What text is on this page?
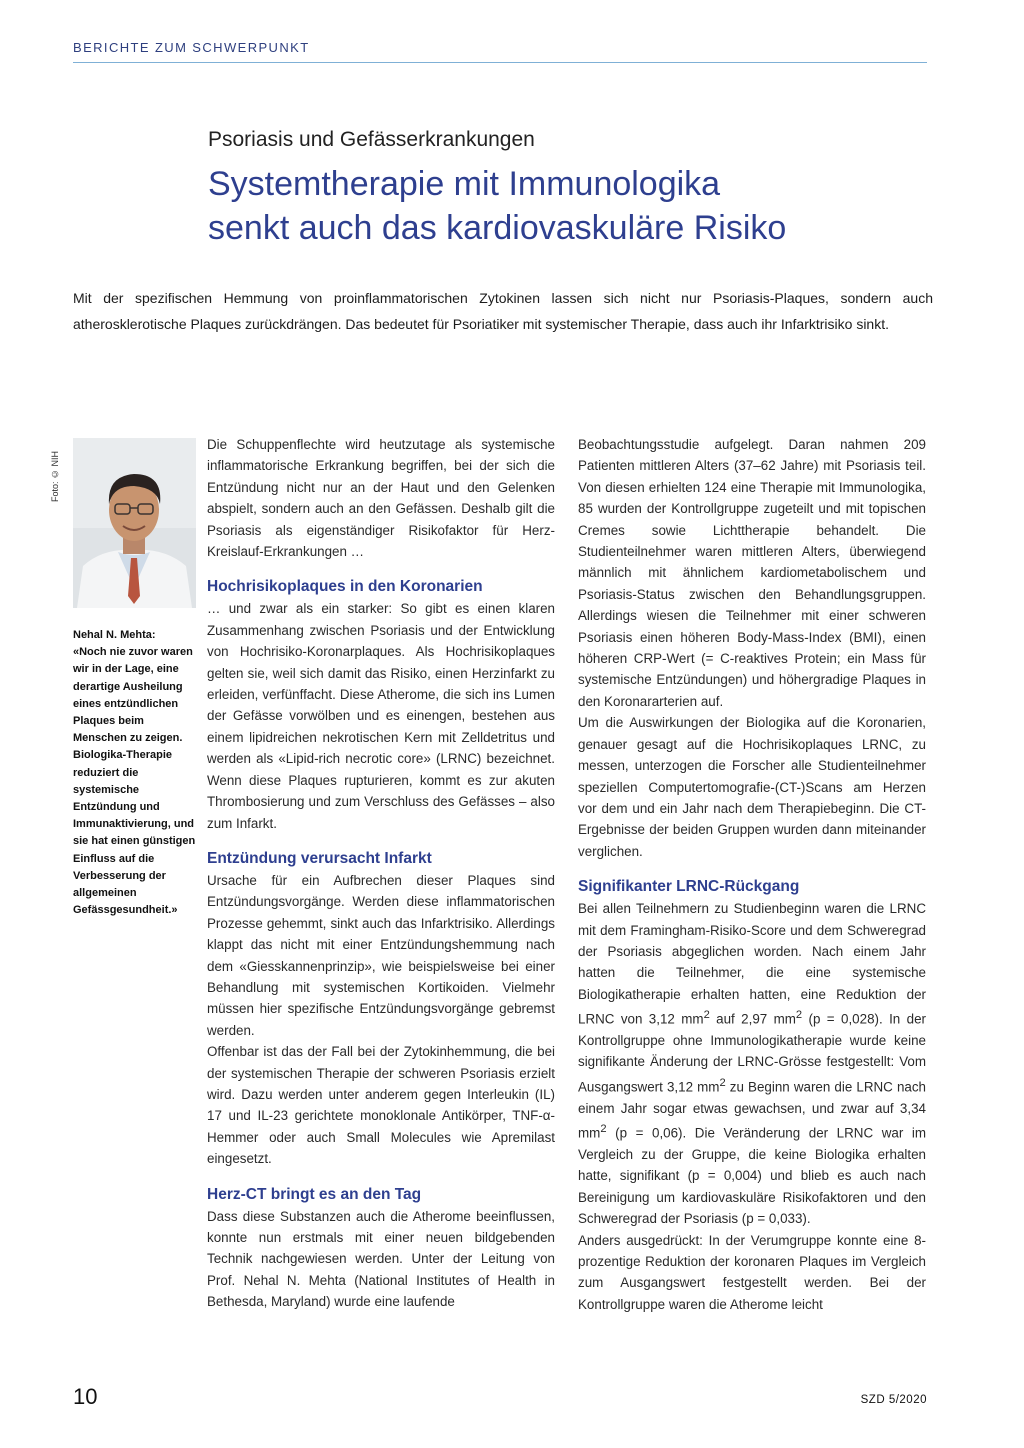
BERICHTE ZUM SCHWERPUNKT
Psoriasis und Gefässerkrankungen
Systemtherapie mit Immunologika
senkt auch das kardiovaskuläre Risiko
Mit der spezifischen Hemmung von proinflammatorischen Zytokinen lassen sich nicht nur Psoriasis-Plaques, sondern auch atherosklerotische Plaques zurückdrängen. Das bedeutet für Psoriatiker mit systemischer Therapie, dass auch ihr Infarktrisiko sinkt.
Foto: © NIH
Nehal N. Mehta:
«Noch nie zuvor waren wir in der Lage, eine derartige Ausheilung eines entzündlichen Plaques beim Menschen zu zeigen. Biologika-Therapie reduziert die systemische Entzündung und Immunaktivierung, und sie hat einen günstigen Einfluss auf die Verbesserung der allgemeinen Gefässgesundheit.»

Die Schuppenflechte wird heutzutage als systemische inflammatorische Erkrankung begriffen, bei der sich die Entzündung nicht nur an der Haut und den Gelenken abspielt, sondern auch an den Gefässen. Deshalb gilt die Psoriasis als eigenständiger Risikofaktor für Herz-Kreislauf-Erkrankungen …

Hochrisikoplaques in den Koronarien

… und zwar als ein starker: So gibt es einen klaren Zusammenhang zwischen Psoriasis und der Entwicklung von Hochrisiko-Koronarplaques. Als Hochrisikoplaques gelten sie, weil sich damit das Risiko, einen Herzinfarkt zu erleiden, verfünffacht. Diese Atherome, die sich ins Lumen der Gefässe vorwölben und es einengen, bestehen aus einem lipidreichen nekrotischen Kern mit Zelldetritus und werden als «Lipid-rich necrotic core» (LRNC) bezeichnet. Wenn diese Plaques rupturieren, kommt es zur akuten Thrombosierung und zum Verschluss des Gefässes – also zum Infarkt.

Entzündung verursacht Infarkt

Ursache für ein Aufbrechen dieser Plaques sind Entzündungsvorgänge. Werden diese inflammatorischen Prozesse gehemmt, sinkt auch das Infarktrisiko. Allerdings klappt das nicht mit einer Entzündungshemmung nach dem «Giesskannenprinzip», wie beispielsweise bei einer Behandlung mit systemischen Kortikoiden. Vielmehr müssen hier spezifische Entzündungsvorgänge gebremst werden.

Offenbar ist das der Fall bei der Zytokinhemmung, die bei der systemischen Therapie der schweren Psoriasis erzielt wird. Dazu werden unter anderem gegen Interleukin (IL) 17 und IL-23 gerichtete monoklonale Antikörper, TNF-α-Hemmer oder auch Small Molecules wie Apremilast eingesetzt.

Herz-CT bringt es an den Tag

Dass diese Substanzen auch die Atherome beeinflussen, konnte nun erstmals mit einer neuen bildgebenden Technik nachgewiesen werden. Unter der Leitung von Prof. Nehal N. Mehta (National Institutes of Health in Bethesda, Maryland) wurde eine laufende

Beobachtungsstudie aufgelegt. Daran nahmen 209 Patienten mittleren Alters (37–62 Jahre) mit Psoriasis teil. Von diesen erhielten 124 eine Therapie mit Immunologika, 85 wurden der Kontrollgruppe zugeteilt und mit topischen Cremes sowie Lichttherapie behandelt. Die Studienteilnehmer waren mittleren Alters, überwiegend männlich mit ähnlichem kardiometabolischem und Psoriasis-Status zwischen den Behandlungsgruppen. Allerdings wiesen die Teilnehmer mit einer schweren Psoriasis einen höheren Body-Mass-Index (BMI), einen höheren CRP-Wert (= C-reaktives Protein; ein Mass für systemische Entzündungen) und höhergradige Plaques in den Koronararterien auf.

Um die Auswirkungen der Biologika auf die Koronarien, genauer gesagt auf die Hochrisikoplaques LRNC, zu messen, unterzogen die Forscher alle Studienteilnehmer speziellen Computertomografie-(CT-)Scans am Herzen vor dem und ein Jahr nach dem Therapiebeginn. Die CT-Ergebnisse der beiden Gruppen wurden dann miteinander verglichen.

Signifikanter LRNC-Rückgang

Bei allen Teilnehmern zu Studienbeginn waren die LRNC mit dem Framingham-Risiko-Score und dem Schweregrad der Psoriasis abgeglichen worden. Nach einem Jahr hatten die Teilnehmer, die eine systemische Biologikatherapie erhalten hatten, eine Reduktion der LRNC von 3,12 $mm^2$ auf 2,97 $mm^2$ (p = 0,028). In der Kontrollgruppe ohne Immunologikatherapie wurde keine signifikante Änderung der LRNC-Grösse festgestellt: Vom Ausgangswert 3,12 $mm^2$ zu Beginn waren die LRNC nach einem Jahr sogar etwas gewachsen, und zwar auf 3,34 $mm^2$ (p = 0,06). Die Veränderung der LRNC war im Vergleich zu der Gruppe, die keine Biologika erhalten hatte, signifikant (p = 0,004) und blieb es auch nach Bereinigung um kardiovaskuläre Risikofaktoren und den Schweregrad der Psoriasis (p = 0,033).

Anders ausgedrückt: In der Verumgruppe konnte eine 8-prozentige Reduktion der koronaren Plaques im Vergleich zum Ausgangswert festgestellt werden. Bei der Kontrollgruppe waren die Atherome leicht

10	SZD 5/2020
